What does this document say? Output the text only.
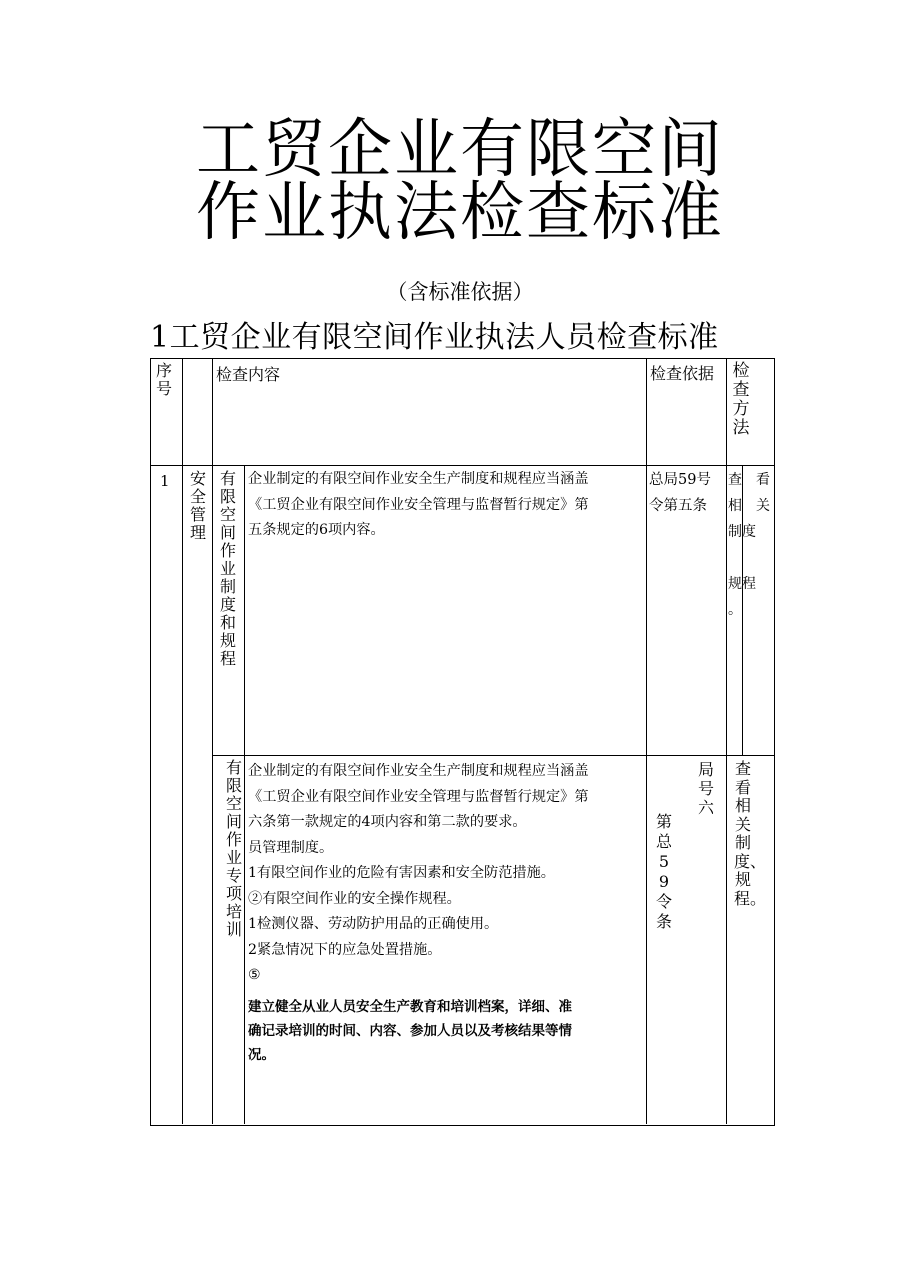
工贸企业有限空间
作业执法检查标准
（含标准依据）
1工贸企业有限空间作业执法人员检查标准
序号
检查内容	检查依据	检查方法
1 安全管理
有限空间作业制度和规程
企业制定的有限空间作业安全生产制度和规程应当涵盖
《工贸企业有限空间作业安全管理与监督暂行规定》第
五条规定的6项内容。
总局59号
令第五条
查　看
相　关
制度
规程
。
有限空间作业专项培训
企业制定的有限空间作业安全生产制度和规程应当涵盖
《工贸企业有限空间作业安全管理与监督暂行规定》第
六条第一款规定的4项内容和第二款的要求。
员管理制度。
1有限空间作业的危险有害因素和安全防范措施。
②有限空间作业的安全操作规程。
1检测仪器、劳动防护用品的正确使用。
2紧急情况下的应急处置措施。
⑤
建立健全从业人员安全生产教育和培训档案，详细、准
确记录培训的时间、内容、参加人员以及考核结果等情
况。
局号六
第总59令条
查看相关制度、规程。
